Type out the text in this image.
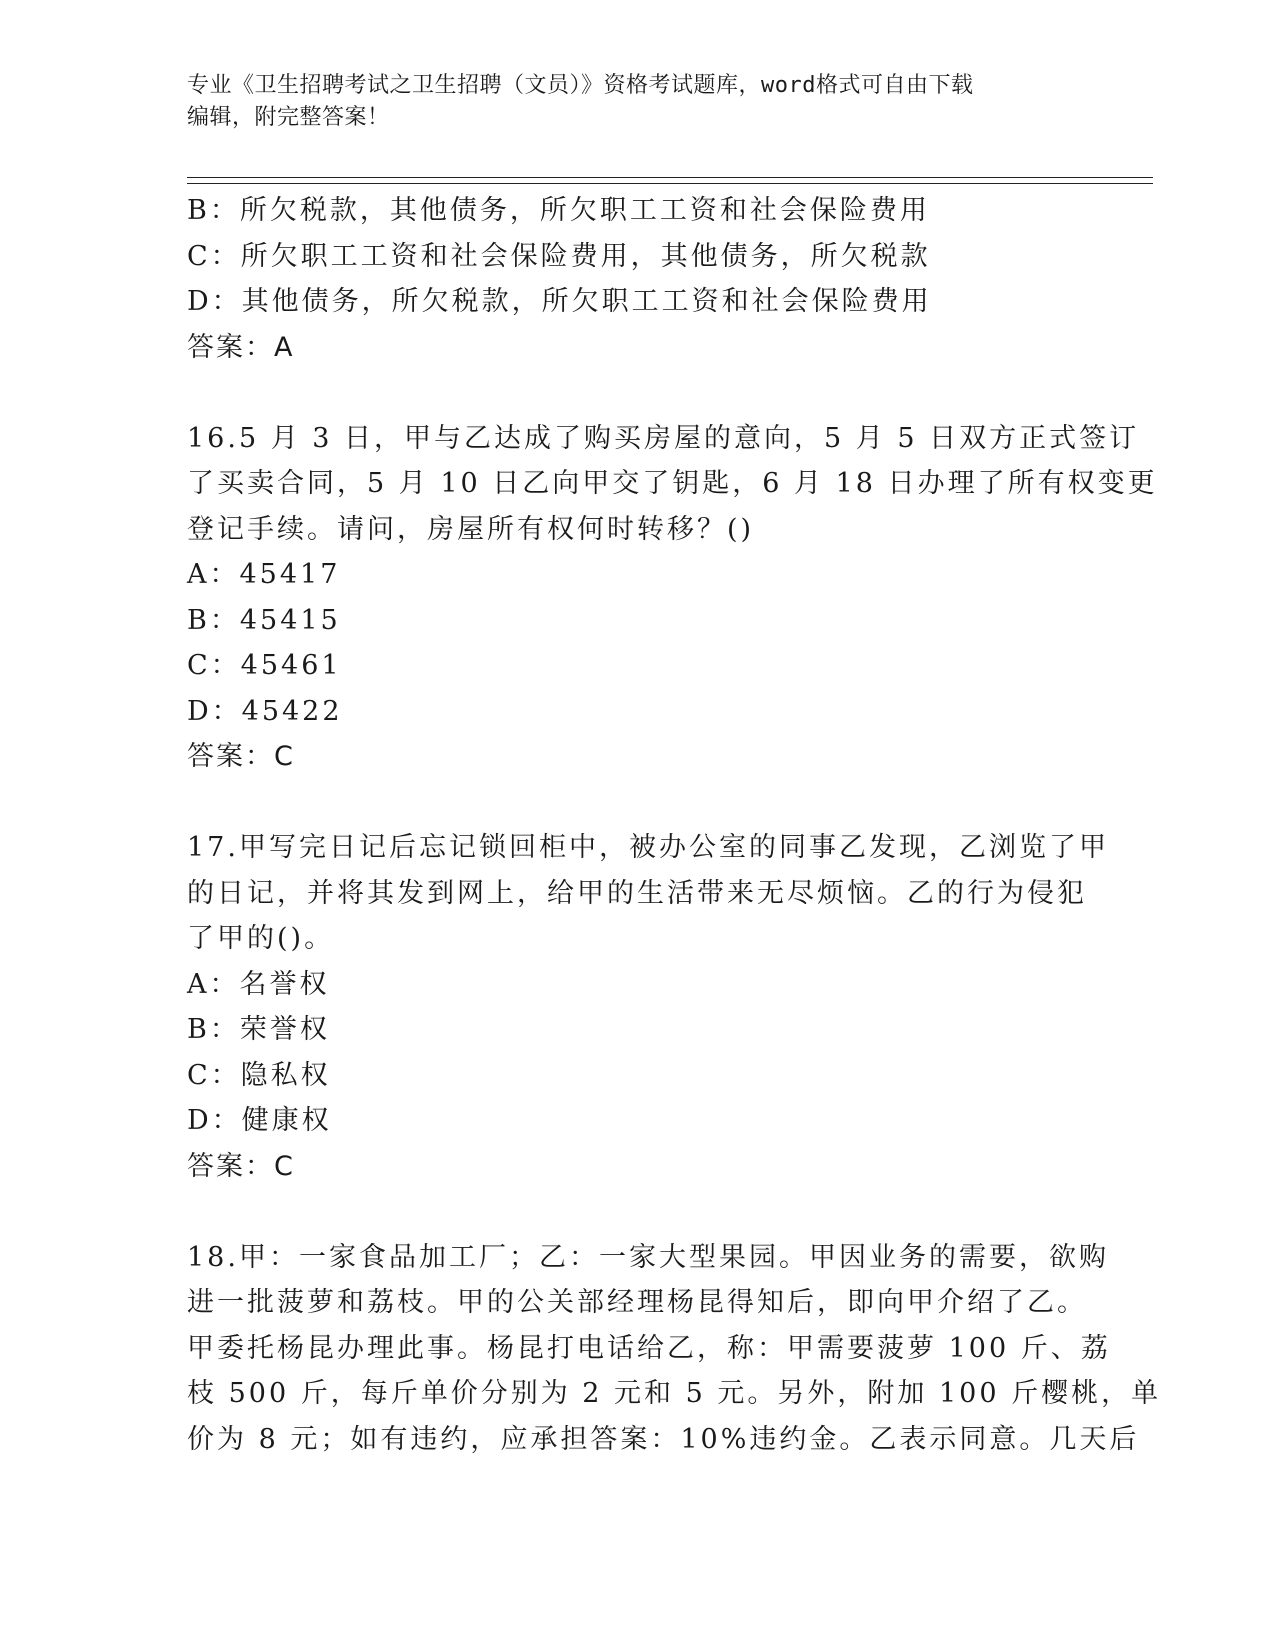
专业《卫生招聘考试之卫生招聘（文员）》资格考试题库，word格式可自由下载

编辑，附完整答案！

B：所欠税款，其他债务，所欠职工工资和社会保险费用

C：所欠职工工资和社会保险费用，其他债务，所欠税款

D：其他债务，所欠税款，所欠职工工资和社会保险费用

答案：A

16.5 月 3 日，甲与乙达成了购买房屋的意向，5 月 5 日双方正式签订

了买卖合同，5 月 10 日乙向甲交了钥匙，6 月 18 日办理了所有权变更

登记手续。请问，房屋所有权何时转移？()

A：45417

B：45415

C：45461

D：45422

答案：C

17.甲写完日记后忘记锁回柜中，被办公室的同事乙发现，乙浏览了甲

的日记，并将其发到网上，给甲的生活带来无尽烦恼。乙的行为侵犯

了甲的()。

A：名誉权

B：荣誉权

C：隐私权

D：健康权

答案：C

18.甲：一家食品加工厂；乙：一家大型果园。甲因业务的需要，欲购

进一批菠萝和荔枝。甲的公关部经理杨昆得知后，即向甲介绍了乙。

甲委托杨昆办理此事。杨昆打电话给乙，称：甲需要菠萝 100 斤、荔

枝 500 斤，每斤单价分别为 2 元和 5 元。另外，附加 100 斤樱桃，单

价为 8 元；如有违约，应承担答案：10%违约金。乙表示同意。几天后
